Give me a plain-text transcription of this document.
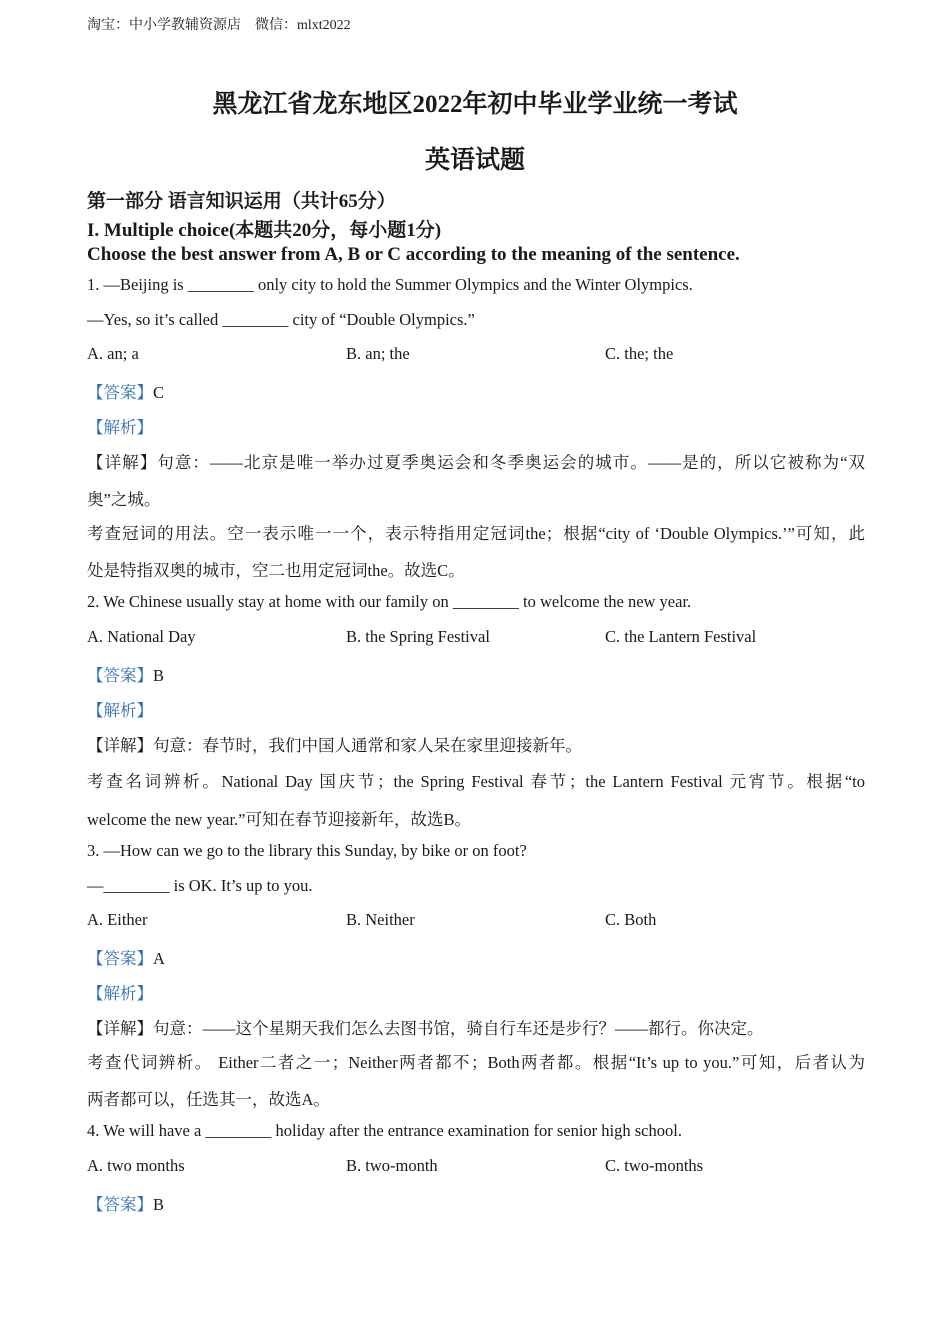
淘宝：中小学教辅资源店　微信：mlxt2022
黑龙江省龙东地区2022年初中毕业学业统一考试
英语试题
第一部分 语言知识运用（共计65分）
I. Multiple choice(本题共20分，每小题1分)
Choose the best answer from A, B or C according to the meaning of the sentence.
1. —Beijing is ________ only city to hold the Summer Olympics and the Winter Olympics.
—Yes, so it’s called ________ city of “Double Olympics.”
A. an; a	B. an; the	C. the; the
【答案】C
【解析】
【详解】句意：——北京是唯一举办过夏季奥运会和冬季奥运会的城市。——是的，所以它被称为“双
奥”之城。
考查冠词的用法。空一表示唯一一个，表示特指用定冠词the；根据“city of ‘Double Olympics.’”可知，此
处是特指双奥的城市，空二也用定冠词the。故选C。
2. We Chinese usually stay at home with our family on ________ to welcome the new year.
A. National Day	B. the Spring Festival	C. the Lantern Festival
【答案】B
【解析】
【详解】句意：春节时，我们中国人通常和家人呆在家里迎接新年。
考查名词辨析。National Day 国庆节；the Spring Festival 春节；the Lantern Festival 元宵节。根据“to
welcome the new year.”可知在春节迎接新年，故选B。
3. —How can we go to the library this Sunday, by bike or on foot?
—________ is OK. It’s up to you.
A. Either	B. Neither	C. Both
【答案】A
【解析】
【详解】句意：——这个星期天我们怎么去图书馆，骑自行车还是步行？——都行。你决定。
考查代词辨析。 Either二者之一；Neither两者都不；Both两者都。根据“It’s up to you.”可知，后者认为
两者都可以，任选其一，故选A。
4. We will have a ________ holiday after the entrance examination for senior high school.
A. two months	B. two-month	C. two-months
【答案】B
